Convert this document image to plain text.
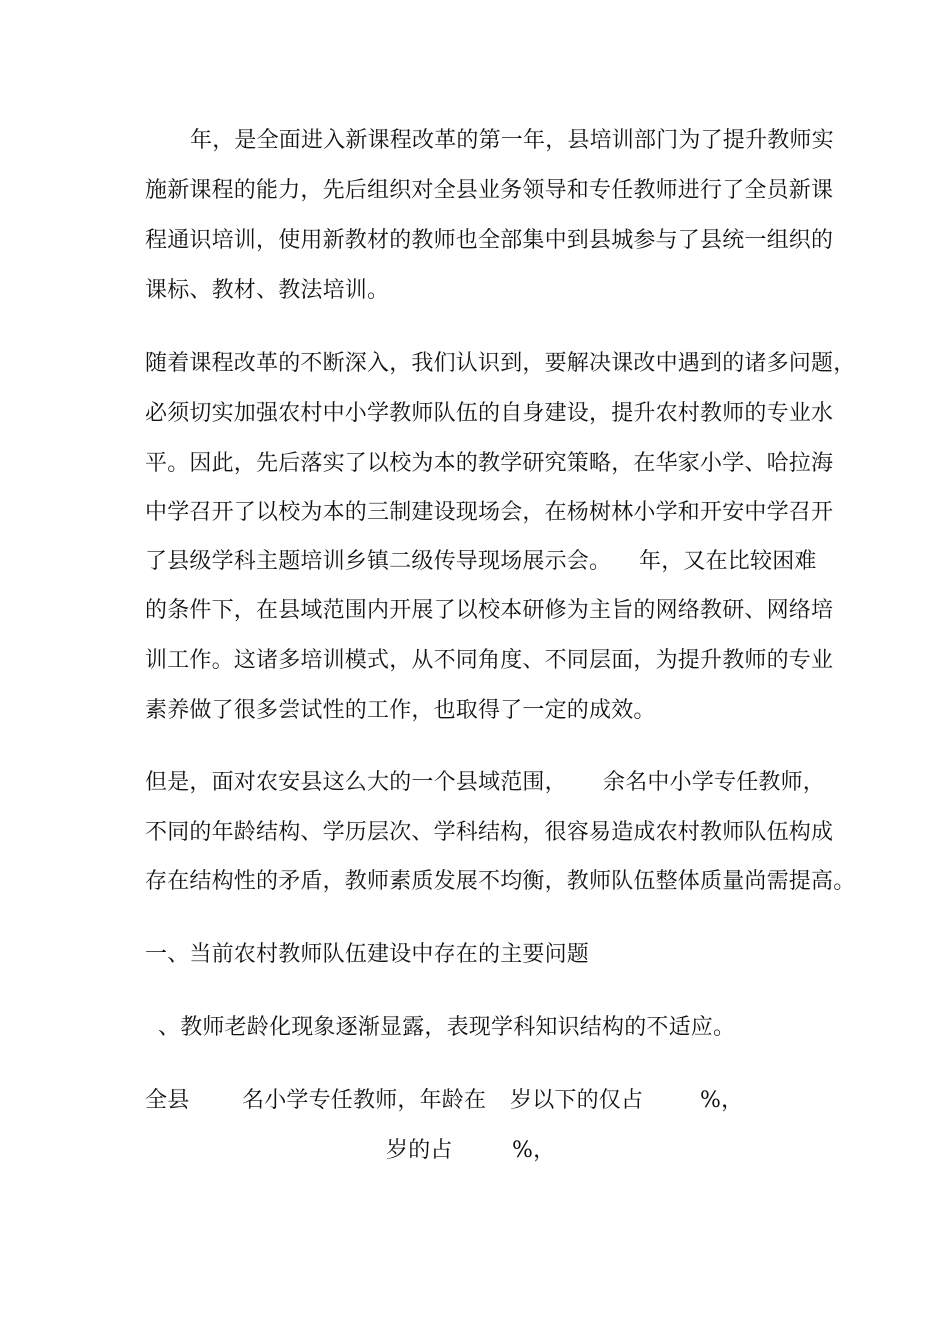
年，是全面进入新课程改革的第一年，县培训部门为了提升教师实
施新课程的能力，先后组织对全县业务领导和专任教师进行了全员新课
程通识培训，使用新教材的教师也全部集中到县城参与了县统一组织的
课标、教材、教法培训。
随着课程改革的不断深入，我们认识到，要解决课改中遇到的诸多问题，
必须切实加强农村中小学教师队伍的自身建设，提升农村教师的专业水
平。因此，先后落实了以校为本的教学研究策略，在华家小学、哈拉海
中学召开了以校为本的三制建设现场会，在杨树林小学和开安中学召开
了县级学科主题培训乡镇二级传导现场展示会。 年，又在比较困难
的条件下，在县域范围内开展了以校本研修为主旨的网络教研、网络培
训工作。这诸多培训模式，从不同角度、不同层面，为提升教师的专业
素养做了很多尝试性的工作，也取得了一定的成效。
但是，面对农安县这么大的一个县域范围， 余名中小学专任教师，
不同的年龄结构、学历层次、学科结构，很容易造成农村教师队伍构成
存在结构性的矛盾，教师素质发展不均衡，教师队伍整体质量尚需提高。
一、当前农村教师队伍建设中存在的主要问题
、教师老龄化现象逐渐显露，表现学科知识结构的不适应。
全县 名小学专任教师，年龄在 岁以下的仅占	%，
岁的占	%，
